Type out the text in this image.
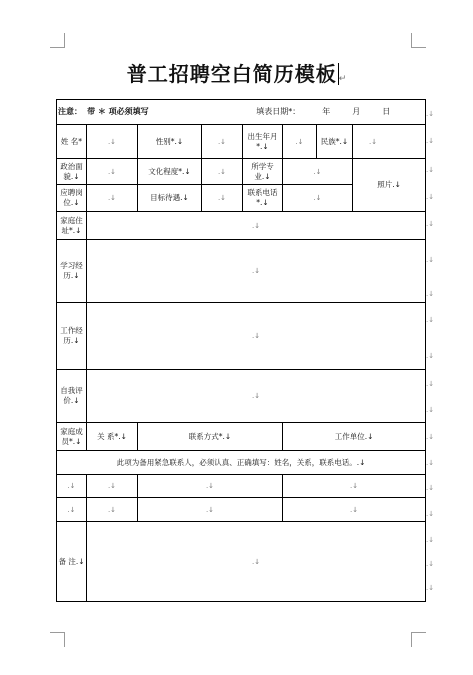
普工招聘空白简历模板 ↵
注意： 带 ＊ 项必须填写 填表日期*： 年 月 日							
姓 名*	.↓	性别*.↓	.↓	出生年月*.↓	.↓	民族*.↓	.↓
政治面貌.↓	.↓	文化程度*.↓	.↓	所学专业.↓	.↓		照片.↓
应聘岗位.↓	.↓	目标待遇.↓	.↓	联系电话*.↓	.↓		
家庭住址*.↓	.↓						
学习经历.↓	.↓						
工作经历.↓	.↓						
自我评价.↓	.↓						
家庭成员*.↓	关 系*.↓	联系方式*.↓			工作单位.↓		
此项为备用紧急联系人，必须认真、正确填写：姓名，关系，联系电话。.↓							
.↓	.↓	.↓			.↓		
.↓	.↓	.↓			.↓		
备 注.↓	.↓						
.↓
.↓
.↓
.↓
.↓
.↓
.↓
.↓
.↓
.↓
.↓
.↓
.↓
.↓
.↓
.↓
.↓
.↓
